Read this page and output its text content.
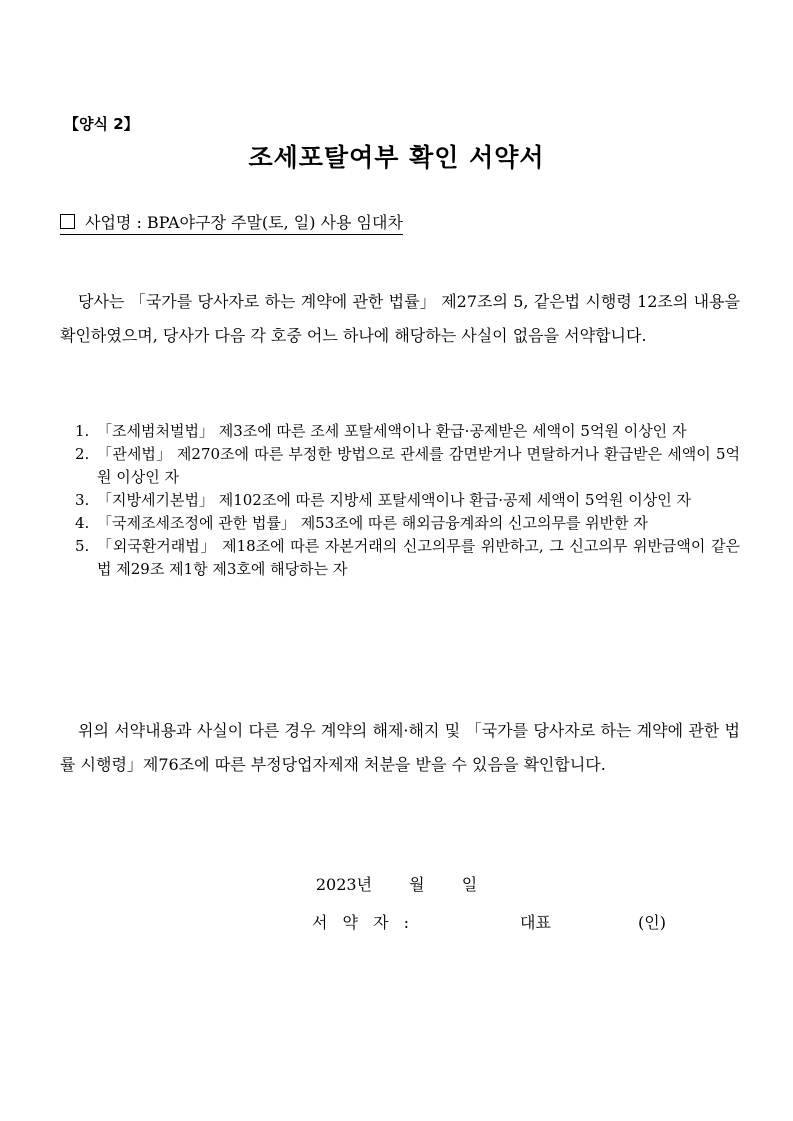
【양식 2】
조세포탈여부 확인 서약서
사업명 : BPA야구장 주말(토, 일) 사용 임대차
당사는 「국가를 당사자로 하는 계약에 관한 법률」 제27조의 5, 같은법 시행령 12조의 내용을 확인하였으며, 당사가 다음 각 호중 어느 하나에 해당하는 사실이 없음을 서약합니다.
1. 「조세범처벌법」 제3조에 따른 조세 포탈세액이나 환급·공제받은 세액이 5억원 이상인 자
2. 「관세법」 제270조에 따른 부정한 방법으로 관세를 감면받거나 면탈하거나 환급받은 세액이 5억원 이상인 자
3. 「지방세기본법」 제102조에 따른 지방세 포탈세액이나 환급·공제 세액이 5억원 이상인 자
4. 「국제조세조정에 관한 법률」 제53조에 따른 해외금융계좌의 신고의무를 위반한 자
5. 「외국환거래법」 제18조에 따른 자본거래의 신고의무를 위반하고, 그 신고의무 위반금액이 같은 법 제29조 제1항 제3호에 해당하는 자
위의 서약내용과 사실이 다른 경우 계약의 해제·해지 및 「국가를 당사자로 하는 계약에 관한 법률 시행령」제76조에 따른 부정당업자제재 처분을 받을 수 있음을 확인합니다.
2023년 월 일
서 약 자 :	대표	(인)
